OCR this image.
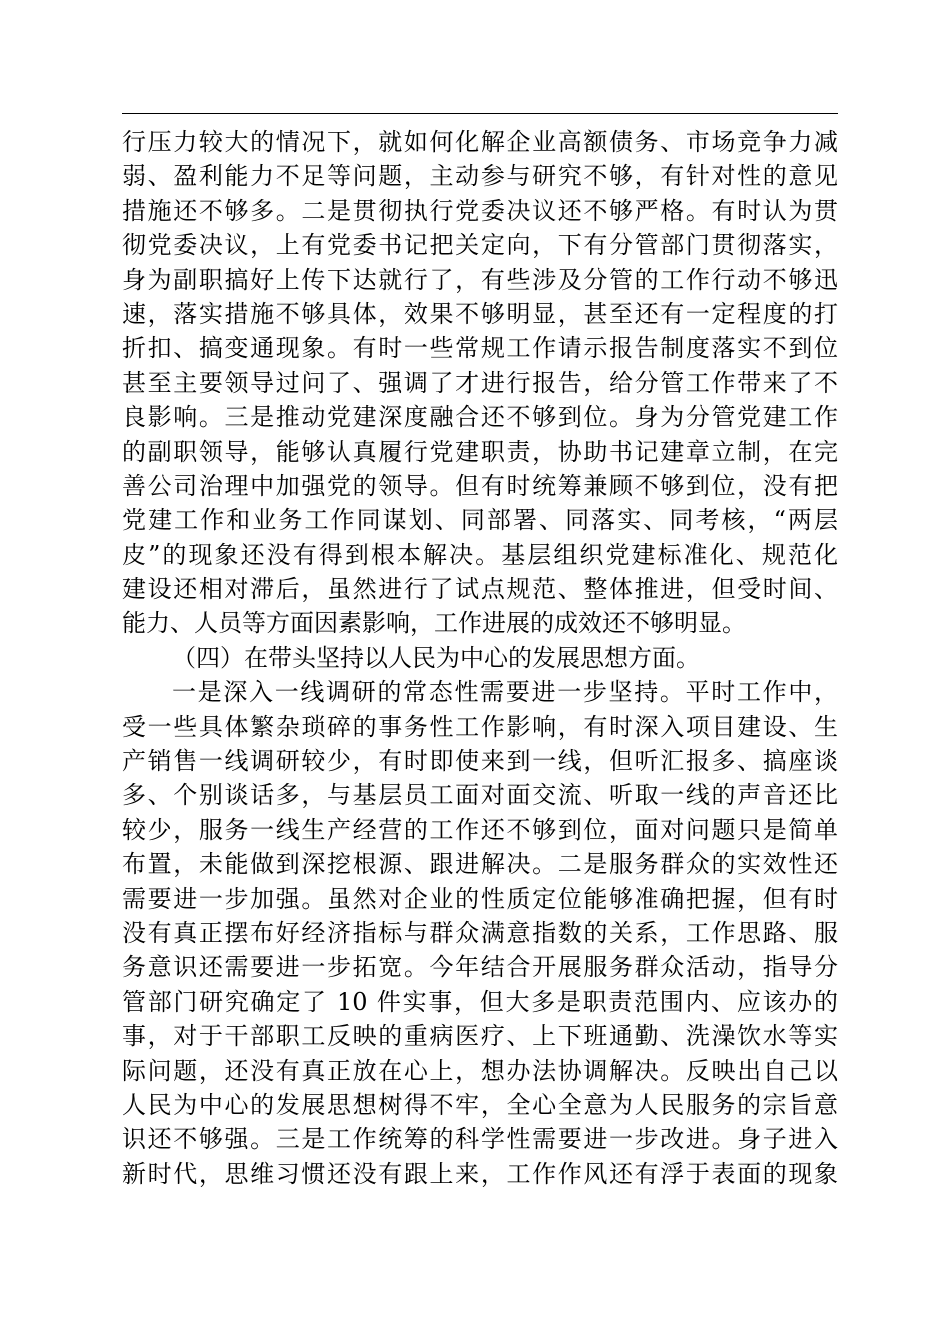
行压力较大的情况下，就如何化解企业高额债务、市场竞争力减
弱、盈利能力不足等问题，主动参与研究不够，有针对性的意见
措施还不够多。二是贯彻执行党委决议还不够严格。有时认为贯
彻党委决议，上有党委书记把关定向，下有分管部门贯彻落实，
身为副职搞好上传下达就行了，有些涉及分管的工作行动不够迅
速，落实措施不够具体，效果不够明显，甚至还有一定程度的打
折扣、搞变通现象。有时一些常规工作请示报告制度落实不到位
甚至主要领导过问了、强调了才进行报告，给分管工作带来了不
良影响。三是推动党建深度融合还不够到位。身为分管党建工作
的副职领导，能够认真履行党建职责，协助书记建章立制，在完
善公司治理中加强党的领导。但有时统筹兼顾不够到位，没有把
党建工作和业务工作同谋划、同部署、同落实、同考核，“两层
皮”的现象还没有得到根本解决。基层组织党建标准化、规范化
建设还相对滞后，虽然进行了试点规范、整体推进，但受时间、
能力、人员等方面因素影响，工作进展的成效还不够明显。
（四）在带头坚持以人民为中心的发展思想方面。
一是深入一线调研的常态性需要进一步坚持。平时工作中，
受一些具体繁杂琐碎的事务性工作影响，有时深入项目建设、生
产销售一线调研较少，有时即使来到一线，但听汇报多、搞座谈
多、个别谈话多，与基层员工面对面交流、听取一线的声音还比
较少，服务一线生产经营的工作还不够到位，面对问题只是简单
布置，未能做到深挖根源、跟进解决。二是服务群众的实效性还
需要进一步加强。虽然对企业的性质定位能够准确把握，但有时
没有真正摆布好经济指标与群众满意指数的关系，工作思路、服
务意识还需要进一步拓宽。今年结合开展服务群众活动，指导分
管部门研究确定了 10 件实事，但大多是职责范围内、应该办的
事，对于干部职工反映的重病医疗、上下班通勤、洗澡饮水等实
际问题，还没有真正放在心上，想办法协调解决。反映出自己以
人民为中心的发展思想树得不牢，全心全意为人民服务的宗旨意
识还不够强。三是工作统筹的科学性需要进一步改进。身子进入
新时代，思维习惯还没有跟上来，工作作风还有浮于表面的现象
